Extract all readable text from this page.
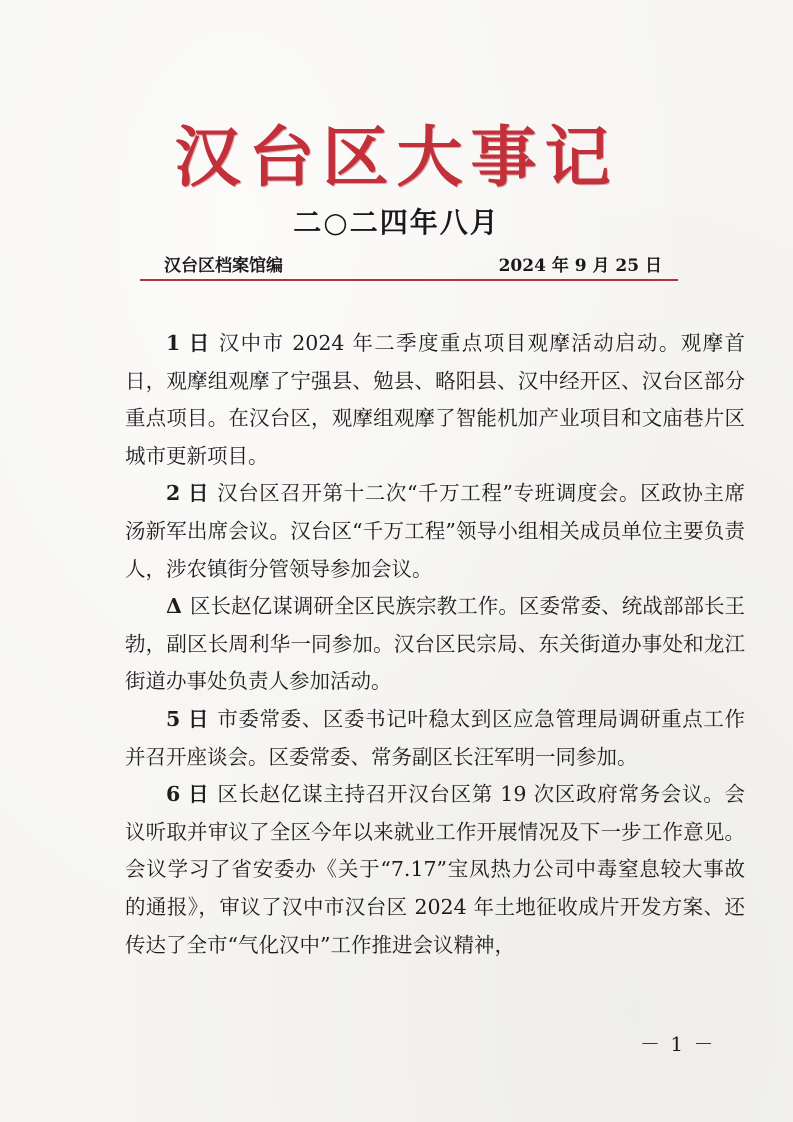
汉台区大事记
二○二四年八月
汉台区档案馆编	2024 年 9 月 25 日

1 日 汉中市 2024 年二季度重点项目观摩活动启动。观摩首日，观摩组观摩了宁强县、勉县、略阳县、汉中经开区、汉台区部分重点项目。在汉台区，观摩组观摩了智能机加产业项目和文庙巷片区城市更新项目。

2 日 汉台区召开第十二次“千万工程”专班调度会。区政协主席汤新军出席会议。汉台区“千万工程”领导小组相关成员单位主要负责人，涉农镇街分管领导参加会议。

Δ 区长赵亿谋调研全区民族宗教工作。区委常委、统战部部长王勃，副区长周利华一同参加。汉台区民宗局、东关街道办事处和龙江街道办事处负责人参加活动。

5 日 市委常委、区委书记叶稳太到区应急管理局调研重点工作并召开座谈会。区委常委、常务副区长汪军明一同参加。

6 日 区长赵亿谋主持召开汉台区第 19 次区政府常务会议。会议听取并审议了全区今年以来就业工作开展情况及下一步工作意见。会议学习了省安委办《关于“7.17”宝凤热力公司中毒窒息较大事故的通报》，审议了汉中市汉台区 2024 年土地征收成片开发方案、还传达了全市“气化汉中”工作推进会议精神，

－ 1 －
